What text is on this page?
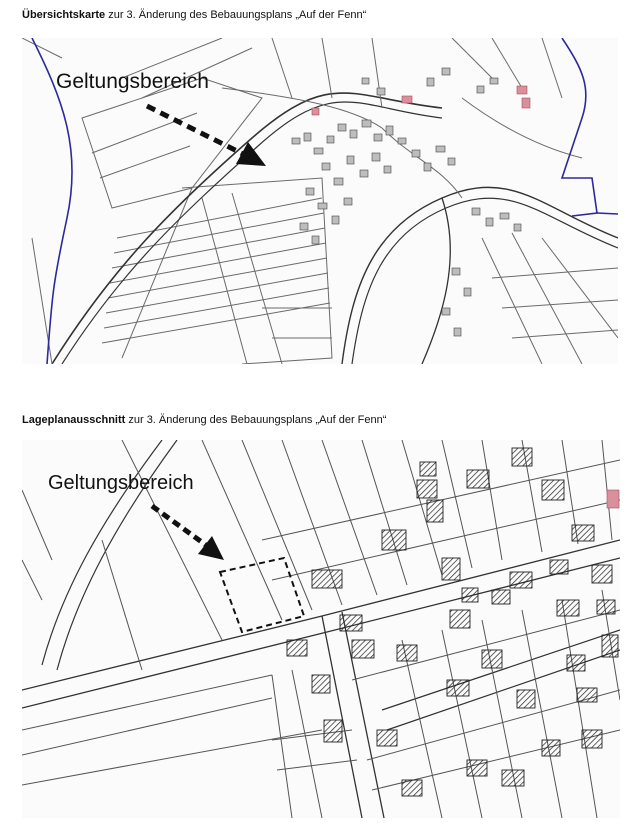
Übersichtskarte zur 3. Änderung des Bebauungsplans „Auf der Fenn“
Geltungsbereich
Lageplanausschnitt zur 3. Änderung des Bebauungsplans „Auf der Fenn“
Geltungsbereich
